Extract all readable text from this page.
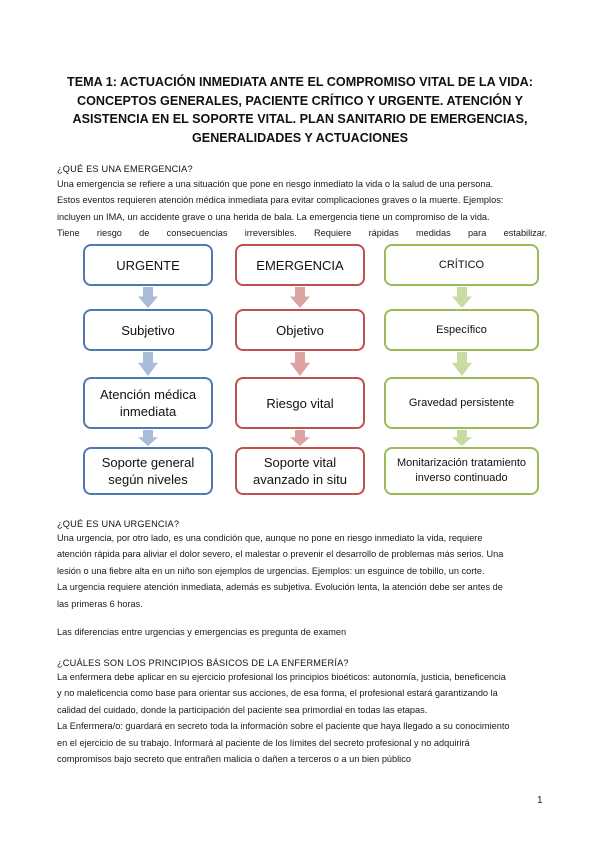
TEMA 1: ACTUACIÓN INMEDIATA ANTE EL COMPROMISO VITAL DE LA VIDA:
CONCEPTOS GENERALES, PACIENTE CRÍTICO Y URGENTE. ATENCIÓN Y
ASISTENCIA EN EL SOPORTE VITAL. PLAN SANITARIO DE EMERGENCIAS,
GENERALIDADES Y ACTUACIONES
¿QUÉ ES UNA EMERGENCIA?
Una emergencia se refiere a una situación que pone en riesgo inmediato la vida o la salud de una persona.
Estos eventos requieren atención médica inmediata para evitar complicaciones graves o la muerte. Ejemplos:
incluyen un IMA, un accidente grave o una herida de bala. La emergencia tiene un compromiso de la vida.
Tiene riesgo de consecuencias irreversibles. Requiere rápidas medidas para estabilizar.
URGENTE
Subjetivo
Atención médica
inmediata
Soporte general
según niveles
EMERGENCIA
Objetivo
Riesgo vital
Soporte vital
avanzado in situ
CRÍTICO
Específico
Gravedad persistente
Monitarización tratamiento
inverso continuado
¿QUÉ ES UNA URGENCIA?
Una urgencia, por otro lado, es una condición que, aunque no pone en riesgo inmediato la vida, requiere
atención rápida para aliviar el dolor severo, el malestar o prevenir el desarrollo de problemas más serios. Una
lesión o una fiebre alta en un niño son ejemplos de urgencias. Ejemplos: un esguince de tobillo, un corte.
La urgencia requiere atención inmediata, además es subjetiva. Evolución lenta, la atención debe ser antes de
las primeras 6 horas.
Las diferencias entre urgencias y emergencias es pregunta de examen
¿CUÁLES SON LOS PRINCIPIOS BÁSICOS DE LA ENFERMERÍA?
La enfermera debe aplicar en su ejercicio profesional los principios bioéticos: autonomía, justicia, beneficencia
y no maleficencia como base para orientar sus acciones, de esa forma, el profesional estará garantizando la
calidad del cuidado, donde la participación del paciente sea primordial en todas las etapas.
La Enfermera/o: guardará en secreto toda la información sobre el paciente que haya llegado a su conocimiento
en el ejercicio de su trabajo. Informará al paciente de los límites del secreto profesional y no adquirirá
compromisos bajo secreto que entrañen malicia o dañen a terceros o a un bien público
1
